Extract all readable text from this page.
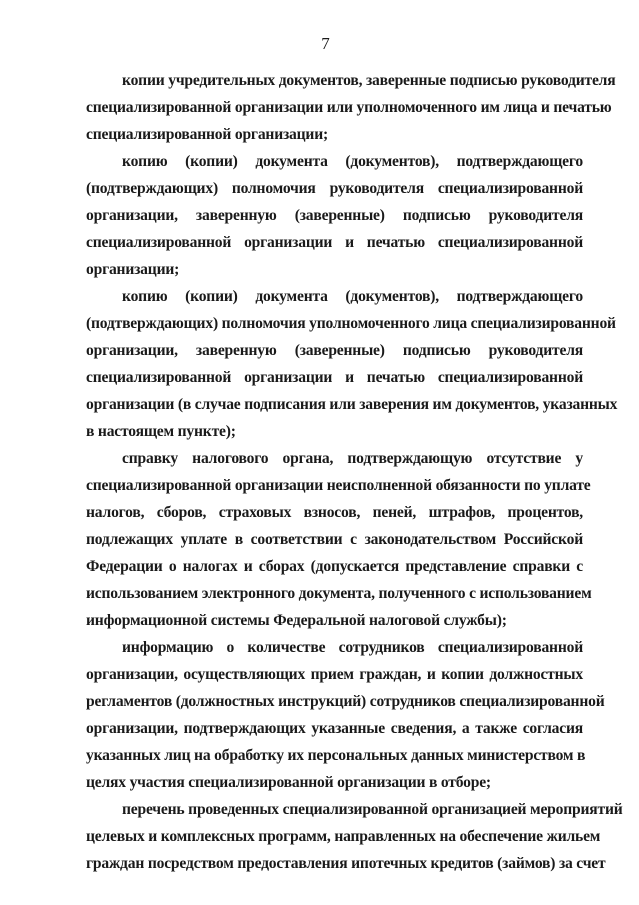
7
копии учредительных документов, заверенные подписью руководителя
специализированной организации или уполномоченного им лица и печатью
специализированной организации;
копию (копии) документа (документов), подтверждающего
(подтверждающих) полномочия руководителя специализированной
организации, заверенную (заверенные) подписью руководителя
специализированной организации и печатью специализированной
организации;
копию (копии) документа (документов), подтверждающего
(подтверждающих) полномочия уполномоченного лица специализированной
организации, заверенную (заверенные) подписью руководителя
специализированной организации и печатью специализированной
организации (в случае подписания или заверения им документов, указанных
в настоящем пункте);
справку налогового органа, подтверждающую отсутствие у
специализированной организации неисполненной обязанности по уплате
налогов, сборов, страховых взносов, пеней, штрафов, процентов,
подлежащих уплате в соответствии с законодательством Российской
Федерации о налогах и сборах (допускается представление справки с
использованием электронного документа, полученного с использованием
информационной системы Федеральной налоговой службы);
информацию о количестве сотрудников специализированной
организации, осуществляющих прием граждан, и копии должностных
регламентов (должностных инструкций) сотрудников специализированной
организации, подтверждающих указанные сведения, а также согласия
указанных лиц на обработку их персональных данных министерством в
целях участия специализированной организации в отборе;
перечень проведенных специализированной организацией мероприятий
целевых и комплексных программ, направленных на обеспечение жильем
граждан посредством предоставления ипотечных кредитов (займов) за счет
